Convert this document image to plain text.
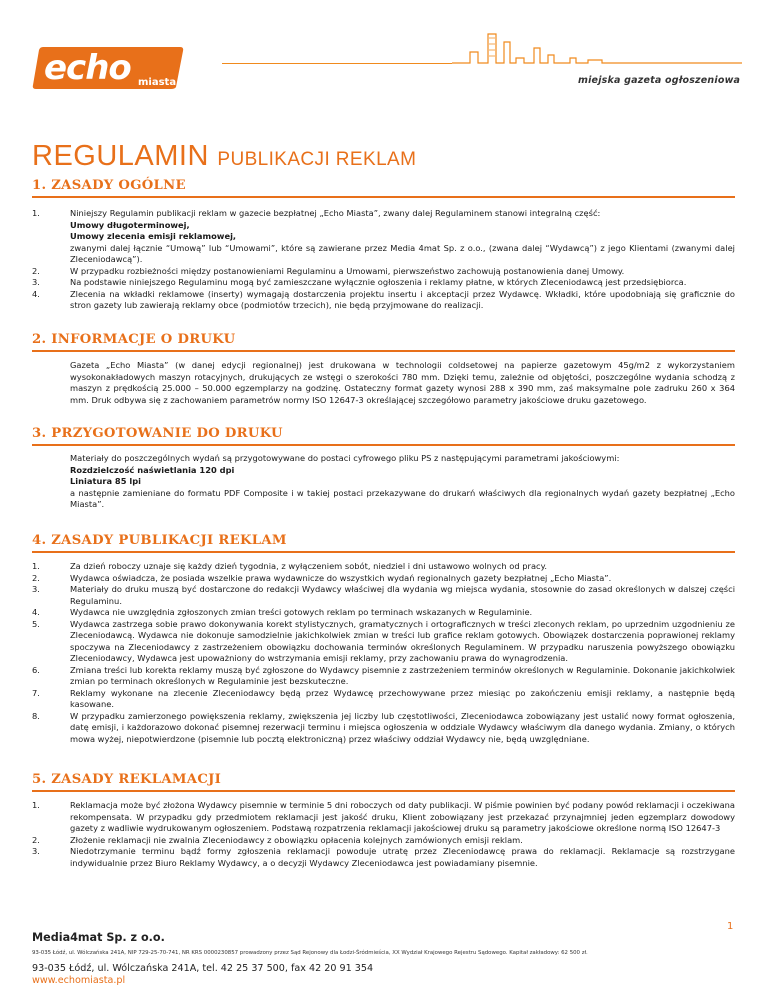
echo miasta	miejska gazeta ogłoszeniowa
REGULAMIN PUBLIKACJI REKLAM
1. ZASADY OGÓLNE
1.	Niniejszy Regulamin publikacji reklam w gazecie bezpłatnej „Echo Miasta”, zwany dalej Regulaminem stanowi integralną część:
Umowy długoterminowej,
Umowy zlecenia emisji reklamowej,
zwanymi dalej łącznie “Umową” lub “Umowami”, które są zawierane przez Media 4mat Sp. z o.o., (zwana dalej “Wydawcą”) z jego Klientami (zwanymi dalej Zleceniodawcą”).
2.	W przypadku rozbieżności między postanowieniami Regulaminu a Umowami, pierwszeństwo zachowują postanowienia danej Umowy.
3.	Na podstawie niniejszego Regulaminu mogą być zamieszczane wyłącznie ogłoszenia i reklamy płatne, w których Zleceniodawcą jest przedsiębiorca.
4.	Zlecenia na wkładki reklamowe (inserty) wymagają dostarczenia projektu insertu i akceptacji przez Wydawcę. Wkładki, które upodobniają się graficznie do stron gazety lub zawierają reklamy obce (podmiotów trzecich), nie będą przyjmowane do realizacji.
2. INFORMACJE O DRUKU
Gazeta „Echo Miasta” (w danej edycji regionalnej) jest drukowana w technologii coldsetowej na papierze gazetowym 45g/m2 z wykorzystaniem wysokonakładowych maszyn rotacyjnych, drukujących ze wstęgi o szerokości 780 mm. Dzięki temu, zależnie od objętości, poszczególne wydania schodzą z maszyn z prędkością 25.000 – 50.000 egzemplarzy na godzinę. Ostateczny format gazety wynosi 288 x 390 mm, zaś maksymalne pole zadruku 260 x 364 mm. Druk odbywa się z zachowaniem parametrów normy ISO 12647-3 określającej szczegółowo parametry jakościowe druku gazetowego.
3. PRZYGOTOWANIE DO DRUKU
Materiały do poszczególnych wydań są przygotowywane do postaci cyfrowego pliku PS z następującymi parametrami jakościowymi:
Rozdzielczość naświetlania 120 dpi
Liniatura 85 lpi
a następnie zamieniane do formatu PDF Composite i w takiej postaci przekazywane do drukarń właściwych dla regionalnych wydań gazety bezpłatnej „Echo Miasta”.
4. ZASADY PUBLIKACJI REKLAM
1.	Za dzień roboczy uznaje się każdy dzień tygodnia, z wyłączeniem sobót, niedziel i dni ustawowo wolnych od pracy.
2.	Wydawca oświadcza, że posiada wszelkie prawa wydawnicze do wszystkich wydań regionalnych gazety bezpłatnej „Echo Miasta”.
3.	Materiały do druku muszą być dostarczone do redakcji Wydawcy właściwej dla wydania wg miejsca wydania, stosownie do zasad określonych w dalszej części Regulaminu.
4.	Wydawca nie uwzględnia zgłoszonych zmian treści gotowych reklam po terminach wskazanych w Regulaminie.
5.	Wydawca zastrzega sobie prawo dokonywania korekt stylistycznych, gramatycznych i ortograficznych w treści zleconych reklam, po uprzednim uzgodnieniu ze Zleceniodawcą. Wydawca nie dokonuje samodzielnie jakichkolwiek zmian w treści lub grafice reklam gotowych. Obowiązek dostarczenia poprawionej reklamy spoczywa na Zleceniodawcy z zastrzeżeniem obowiązku dochowania terminów określonych Regulaminem. W przypadku naruszenia powyższego obowiązku Zleceniodawcy, Wydawca jest upoważniony do wstrzymania emisji reklamy, przy zachowaniu prawa do wynagrodzenia.
6.	Zmiana treści lub korekta reklamy muszą być zgłoszone do Wydawcy pisemnie z zastrzeżeniem terminów określonych w Regulaminie. Dokonanie jakichkolwiek zmian po terminach określonych w Regulaminie jest bezskuteczne.
7.	Reklamy wykonane na zlecenie Zleceniodawcy będą przez Wydawcę przechowywane przez miesiąc po zakończeniu emisji reklamy, a następnie będą kasowane.
8.	W przypadku zamierzonego powiększenia reklamy, zwiększenia jej liczby lub częstotliwości, Zleceniodawca zobowiązany jest ustalić nowy format ogłoszenia, datę emisji, i każdorazowo dokonać pisemnej rezerwacji terminu i miejsca ogłoszenia w oddziale Wydawcy właściwym dla danego wydania. Zmiany, o których mowa wyżej, niepotwierdzone (pisemnie lub pocztą elektroniczną) przez właściwy oddział Wydawcy nie, będą uwzględniane.
5. ZASADY REKLAMACJI
1.	Reklamacja może być złożona Wydawcy pisemnie w terminie 5 dni roboczych od daty publikacji. W piśmie powinien być podany powód reklamacji i oczekiwana rekompensata. W przypadku gdy przedmiotem reklamacji jest jakość druku, Klient zobowiązany jest przekazać przynajmniej jeden egzemplarz dowodowy gazety z wadliwie wydrukowanym ogłoszeniem. Podstawą rozpatrzenia reklamacji jakościowej druku są parametry jakościowe określone normą ISO 12647-3
2.	Złożenie reklamacji nie zwalnia Zleceniodawcy z obowiązku opłacenia kolejnych zamówionych emisji reklam.
3.	Niedotrzymanie terminu bądź formy zgłoszenia reklamacji powoduje utratę przez Zleceniodawcę prawa do reklamacji. Reklamacje są rozstrzygane indywidualnie przez Biuro Reklamy Wydawcy, a o decyzji Wydawcy Zleceniodawca jest powiadamiany pisemnie.
1
Media4mat Sp. z o.o.
93-035 Łódź, ul. Wólczańska 241A, NIP 729-25-70-741, NR KRS 0000230857 prowadzony przez Sąd Rejonowy dla Łodzi-Śródmieścia, XX Wydział Krajowego Rejestru Sądowego. Kapitał zakładowy: 62 500 zł.
93-035 Łódź, ul. Wólczańska 241A, tel. 42 25 37 500, fax 42 20 91 354
www.echomiasta.pl
